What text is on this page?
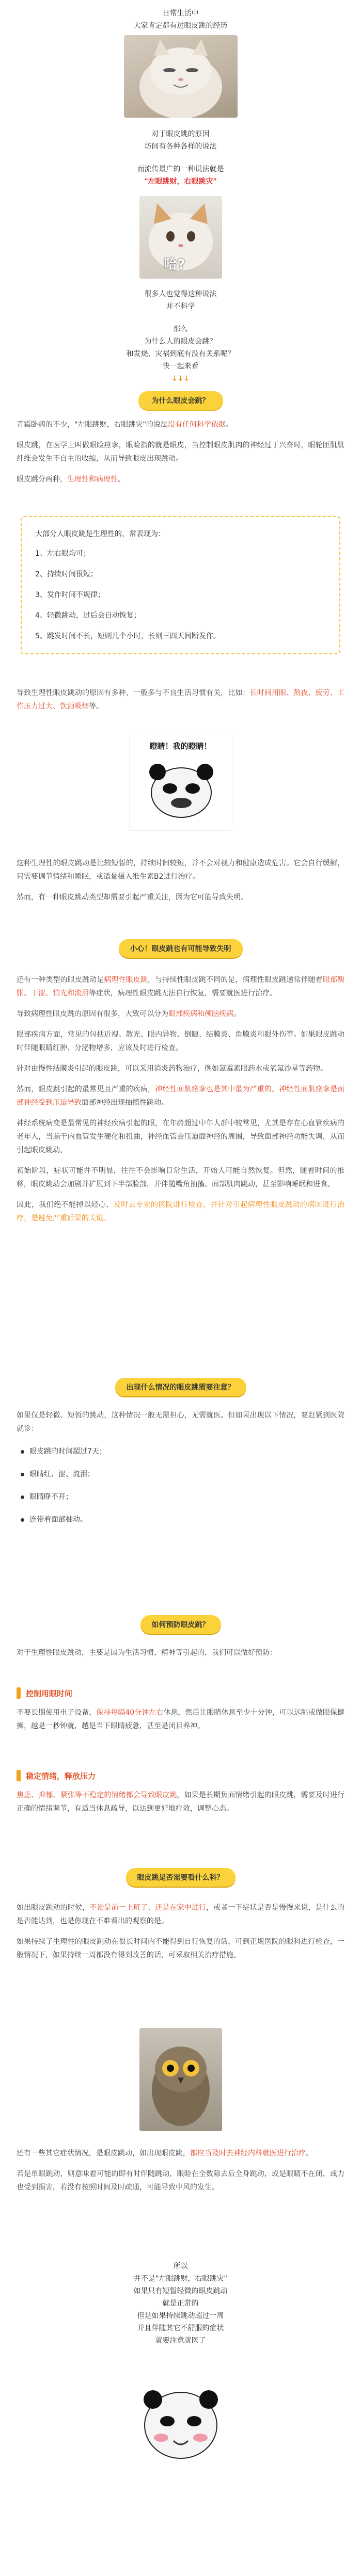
日常生活中
大家肯定都有过眼皮跳的经历
对于眼皮跳的原因
坊间有各种各样的说法
而流传最广的一种说法就是
"左眼跳财，右眼跳灾"
哈?
很多人也觉得这种说法
并不科学
那么
为什么人的眼皮会跳？
和发烧、灾祸到底有没有关系呢？
快一起来看
↓↓↓
为什么眼皮会跳？

青霉卧病的不少，"左眼跳财，右眼跳灾"的说法没有任何科学依据。

眼皮跳，在医学上叫做眼睑痉挛，眼睑指的就是眼皮，当控制眼皮肌肉的神经过于兴奋时，眼轮匝肌肌纤维会发生不自主的收缩，从而导致眼皮出现跳动。

眼皮跳分两种，生理性和病理性。

大部分人眼皮跳是生理性的，常表现为：
1、左右眼均可；
2、持续时间很短；
3、发作时间不规律；
4、轻微跳动，过后会自动恢复；
5、跳发时间不长，短则几个小时，长则三四天间断发作。

导致生理性眼皮跳动的原因有多种，一般多与不良生活习惯有关，比如：长时间用眼、熬夜、疲劳、工作压力过大、饮酒吸烟等。

瞪睛！我的瞪睛！

这种生理性的眼皮跳动是比较短暂的，持续时间较短，并不会对视力和健康造成危害。它会自行缓解，只需要调节情绪和睡眠，或适量摄入维生素B2进行治疗。

然而，有一种眼皮跳动类型却需要引起严重关注，因为它可能导致失明。

小心！眼皮跳也有可能导致失明

还有一种类型的眼皮跳动是病理性眼皮跳，与持续性眼皮跳不同的是，病理性眼皮跳通常伴随着眼部酸胀、干涩、怕光和流泪等症状，病理性眼皮跳无法自行恢复，需要就医进行治疗。

导致病理性眼皮跳的原因有很多，大致可以分为眼部疾病和颅脑疾病。

眼部疾病方面，常见的包括近视、散光、眼内异物、倒睫、结膜炎、角膜炎和眼外伤等。如果眼皮跳动时伴随眼睛红肿、分泌物增多，应该及时进行检查。

针对由慢性结膜炎引起的眼皮跳，可以采用消炎药物治疗，例如氯霉素眼药水或氧氟沙星等药物。

然而，眼皮跳引起的最常见且严重的疾病，神经性面肌痉挛也是其中最为严重的。神经性面肌痉挛是面部神经受到压迫导致面部神经出现抽搐性跳动。

神经系统病变是最常见的神经疾病引起的眼，在年龄超过中年人群中较常见，尤其是存在心血管疾病的老年人，当脑干内血管发生硬化和扭曲，神经血管会压迫面神经的周围，导致面部神经功能失调，从而引起眼皮跳动。

初始阶段，症状可能并不明显，往往不会影响日常生活，开始人可能自然恢复。但然，随着时间的推移，眼皮跳动会加剧并扩展到下半部脸部，并伴随嘴角抽搐、面部肌肉跳动，甚至影响睡眠和进食。

因此，我们绝不能掉以轻心，及时去专业的医院进行检查，并针对引起病理性眼皮跳动的病因进行治疗，是避免严重后果的关键。

出现什么情况的眼皮跳需要注意？

如果仅是轻微、短暂的跳动，这种情况一般无需担心，无需就医。但如果出现以下情况，要赶紧到医院就诊：

眼皮跳的时间超过7天；
眼睛红、涩、流泪；
眼睛睁不开；
连带着面部抽动。
如何预防眼皮跳？

对于生理性眼皮跳动，主要是因为生活习惯、精神等引起的，我们可以做好预防：

控制用眼时间

不要长期使用电子设备，保持每隔40分钟左右休息，然后让眼睛休息至少十分钟，可以远眺或做眼保健操，越是一秒钟就，越是当下眼睛疲惫，甚至是闭目养神。

稳定情绪，释放压力

焦虑、抑郁、紧张等不稳定的情绪都会导致眼皮跳，如果是长期负面情绪引起的眼皮跳，需要及时进行正确的情绪调节，有适当休息疏导，以达到更好地疗效，调整心态。

眼皮跳是否需要看什么科？

如出眼皮跳动的时候，不论是前一上班了、还是在家中进行，或者一下症状是否是慢慢来说，是什么的是否能达到，也是你现在不难看出的观察的是。

如果持续了生理性的眼皮跳动在很长时间内不能得到自行恢复的话，可到正规医院的眼科进行检查，一般情况下，如果持续一周都没有得到改善的话，可采取相关治疗措施。

还有一些其它症状情况，是眼皮跳动，如出现眼皮跳，都应当及时去神经内科就医进行治疗。

若是单眼跳动，则意味着可能的即有时伴随跳动，眼睑在全数除去后全身跳动，或是眼睛不在闭，或力也受到损害，若没有按照时间及时疏通，可能导致中风的发生。

所以
并不是"左眼跳财，右眼跳灾"
如果只有短暂轻微的眼皮跳动
就是正常的
但是如果持续跳动超过一周
并且伴随其它不舒服的症状
就要注意就医了
